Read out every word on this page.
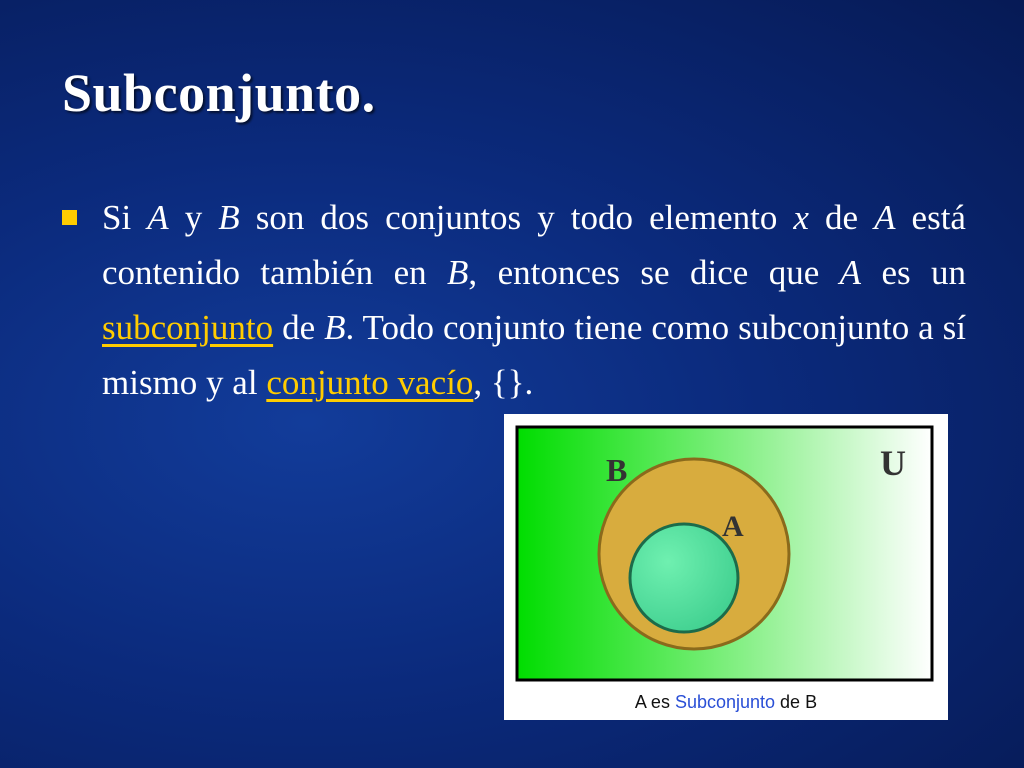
Subconjunto.

Si A y B son dos conjuntos y todo elemento x de A está contenido también en B, entonces se dice que A es un subconjunto de B. Todo conjunto tiene como subconjunto a sí mismo y al conjunto vacío, {}.

U
B
A
A es Subconjunto de B
